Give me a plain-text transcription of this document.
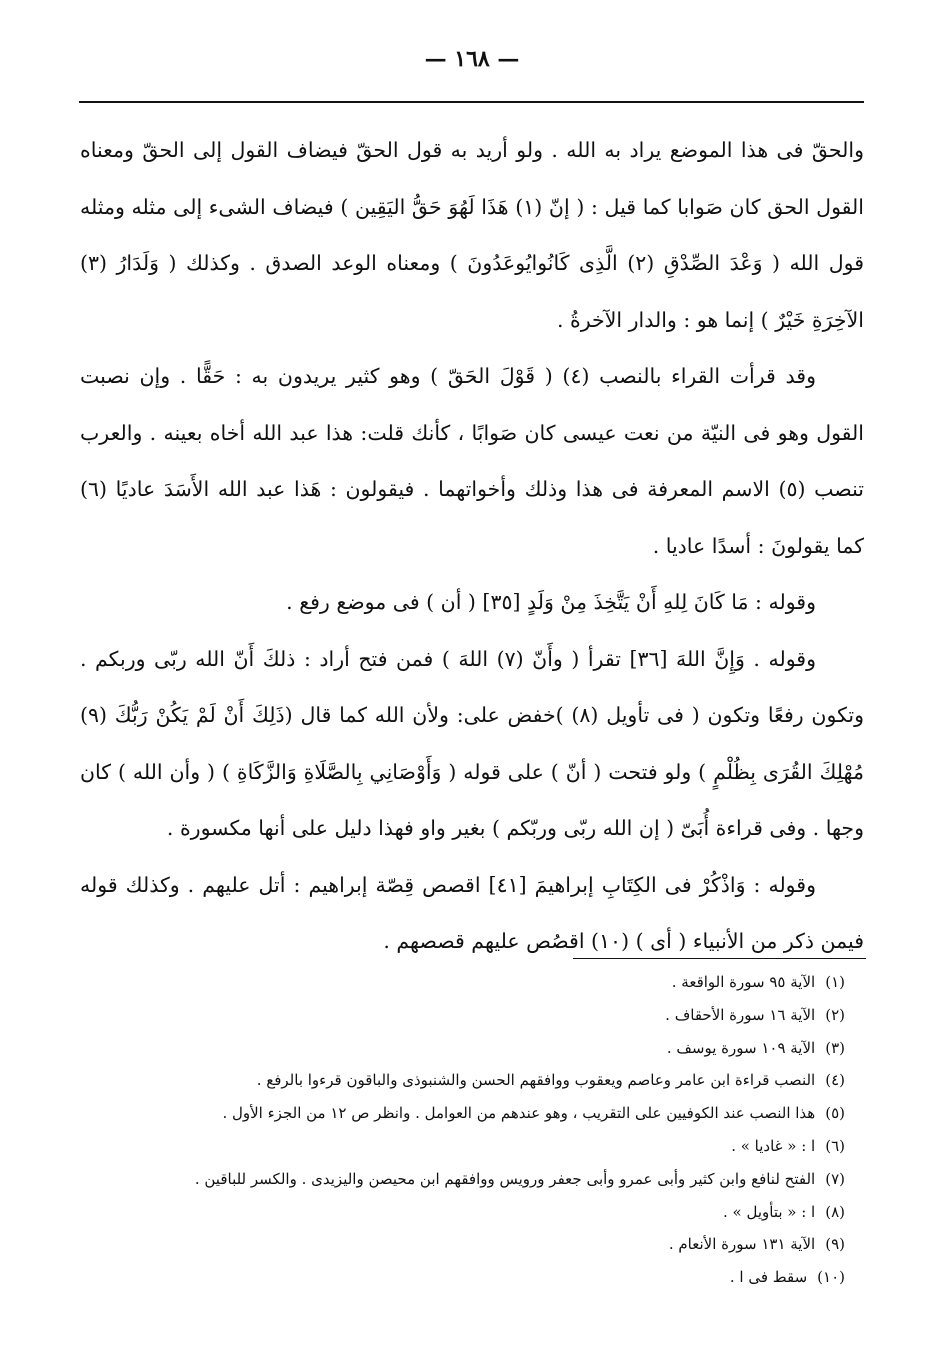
— ١٦٨ —

والحقّ فى هذا الموضع يراد به الله . ولو أريد به قول الحقّ فيضاف القول إلى الحقّ ومعناه القول الحق كان صَوابا كما قيل : ( إنّ (١) هَذَا لَهُوَ حَقُّ اليَقِين ) فيضاف الشىء إلى مثله ومثله قول الله ( وَعْدَ الصِّدْقِ (٢) الَّذِى كَانُوايُوعَدُونَ ) ومعناه الوعد الصدق . وكذلك ( وَلَدَارُ (٣) الآخِرَةِ خَيْرٌ ) إنما هو : والدار الآخرةُ .

وقد قرأت القراء بالنصب (٤) ( قَوْلَ الحَقّ ) وهو كثير يريدون به : حَقًّا . وإن نصبت القول وهو فى النيّة من نعت عيسى كان صَوابًا ، كأنك قلت: هذا عبد الله أخاه بعينه . والعرب تنصب (٥) الاسم المعرفة فى هذا وذلك وأخواتهما . فيقولون : هَذا عبد الله الأَسَدَ عاديًا (٦) كما يقولونَ : أسدًا عاديا .

وقوله : مَا كَانَ لِلهِ أَنْ يَتَّخِذَ مِنْ وَلَدٍ [٣٥] ( أن ) فى موضع رفع .

وقوله . وَإِنَّ اللهَ [٣٦] تقرأ ( وأَنّ (٧) اللهَ ) فمن فتح أراد : ذلكَ أَنّ الله ربّى وربكم . وتكون رفعًا وتكون ( فى تأويل (٨) )خفض على: ولأن الله كما قال (ذَلِكَ أَنْ لَمْ يَكُنْ رَبُّكَ (٩) مُهْلِكَ القُرَى بِظُلْمٍ ) ولو فتحت ( أنّ ) على قوله ( وَأَوْصَانِي بِالصَّلَاةِ وَالزَّكَاةِ ) ( وأن الله ) كان وجها . وفى قراءة أُبَىّ ( إن الله ربّى وربّكم ) بغير واو فهذا دليل على أنها مكسورة .

وقوله : وَاذْكُرْ فى الكِتَابِ إبراهيمَ [٤١] اقصص قِصّة إبراهيم : أتل عليهم . وكذلك قوله فيمن ذكر من الأنبياء ( أى ) (١٠) اقصُص عليهم قصصهم .

(١)الآية ٩٥ سورة الواقعة .
(٢)الآية ١٦ سورة الأحقاف .
(٣)الآية ١٠٩ سورة يوسف .
(٤)النصب قراءة ابن عامر وعاصم ويعقوب ووافقهم الحسن والشنبوذى والباقون قرءوا بالرفع .
(٥)هذا النصب عند الكوفيين على التقريب ، وهو عندهم من العوامل . وانظر ص ١٢ من الجزء الأول .
(٦)ا : « غاديا » .
(٧)الفتح لنافع وابن كثير وأبى عمرو وأبى جعفر ورويس ووافقهم ابن محيصن واليزيدى . والكسر للباقين .
(٨)ا : « بتأويل » .
(٩)الآية ١٣١ سورة الأنعام .
(١٠)سقط فى ا .
